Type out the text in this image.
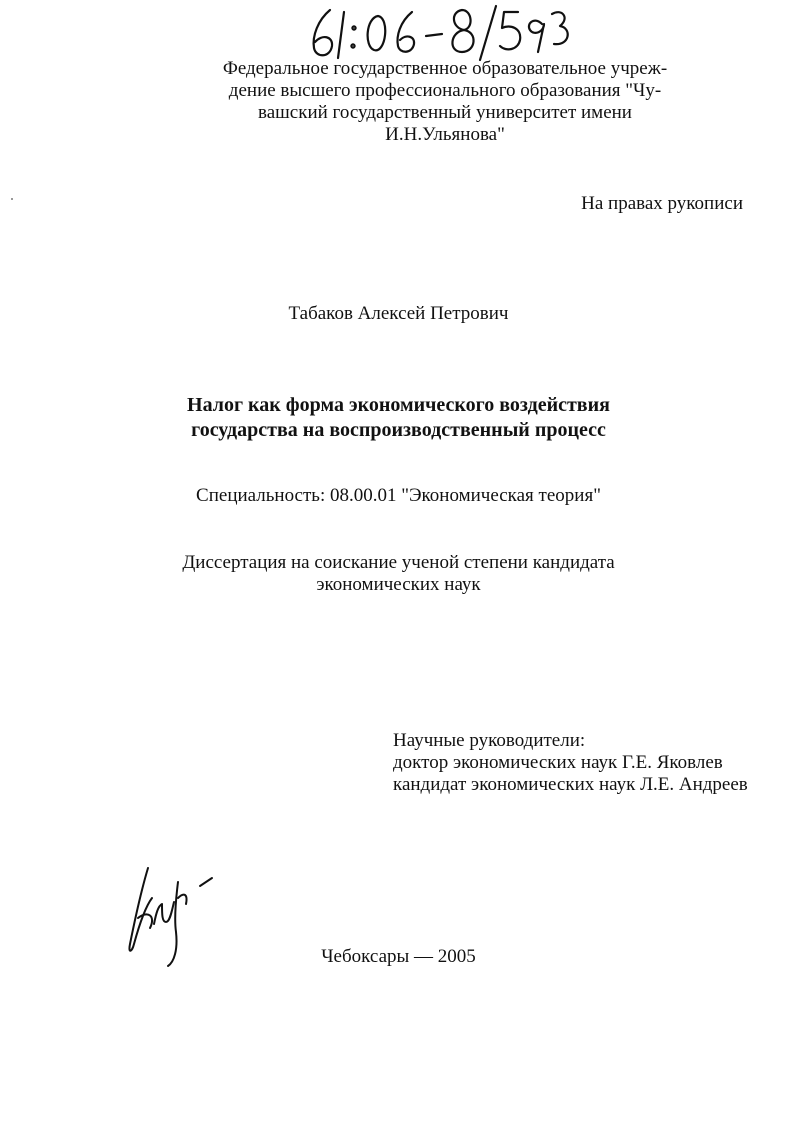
Федеральное государственное образовательное учреж-
дение высшего профессионального образования "Чу-
вашский государственный университет имени
И.Н.Ульянова"
На правах рукописи
Табаков Алексей Петрович
Налог как форма экономического воздействия
государства на воспроизводственный процесс
Специальность: 08.00.01 "Экономическая теория"
Диссертация на соискание ученой степени кандидата
экономических наук
Научные руководители:
доктор экономических наук Г.Е. Яковлев
кандидат экономических наук Л.Е. Андреев
Чебоксары — 2005
